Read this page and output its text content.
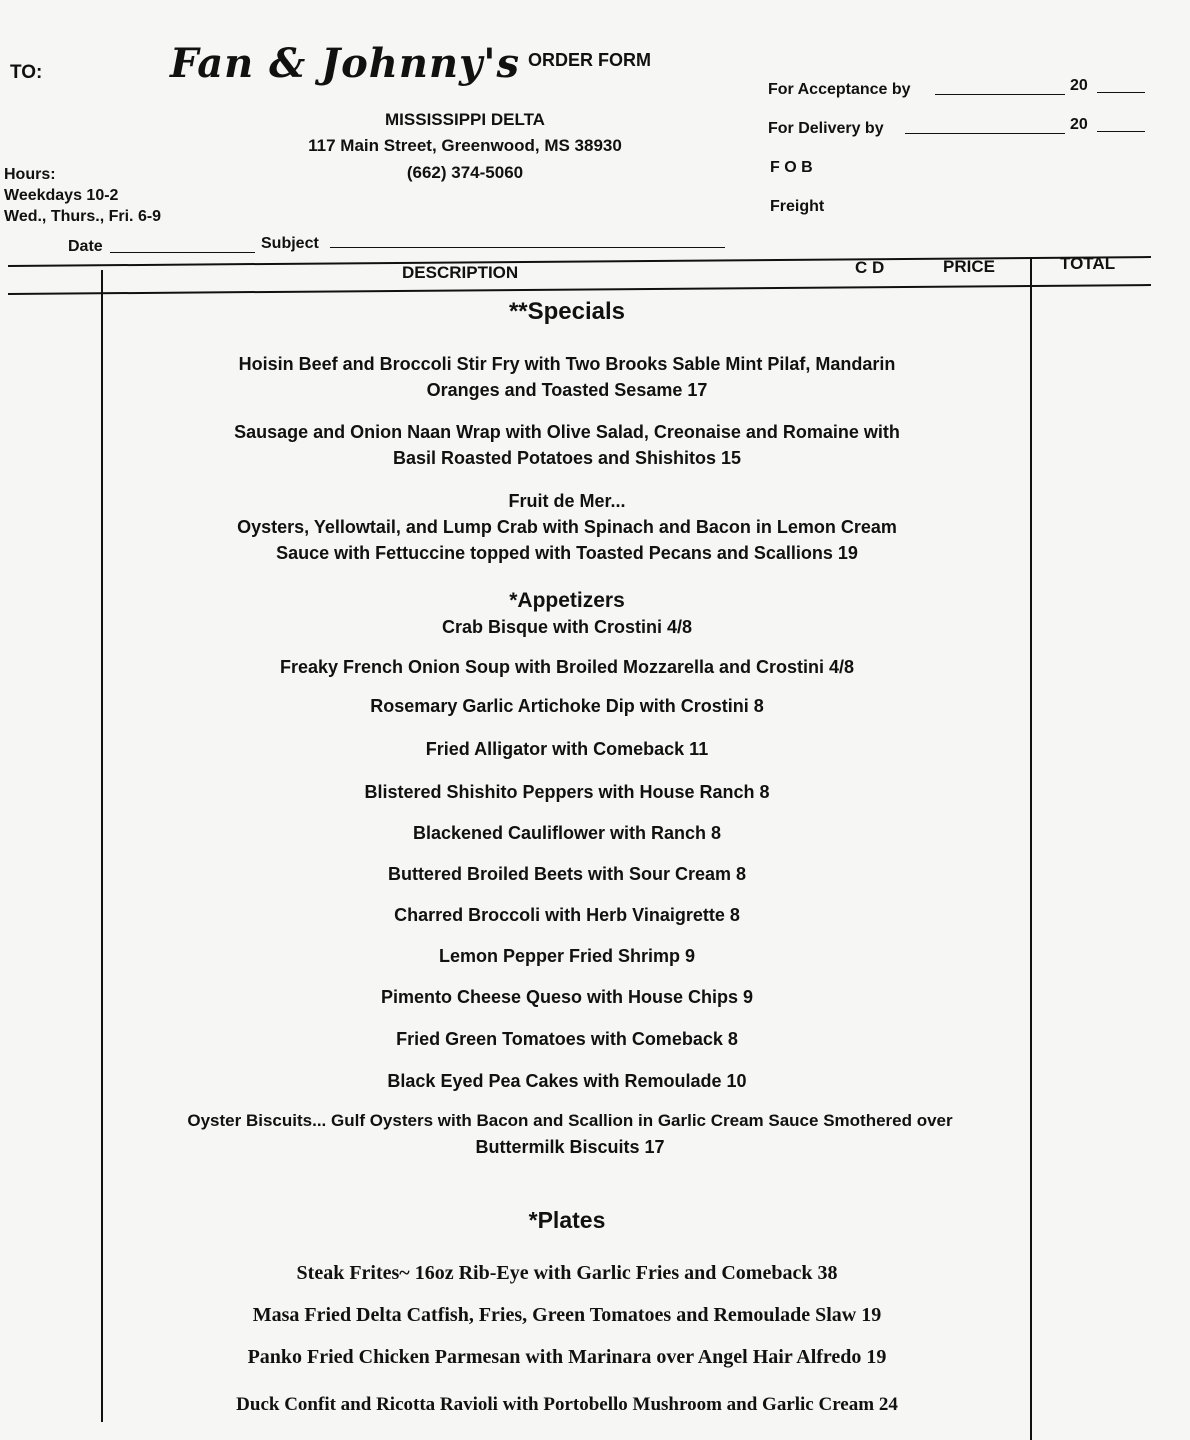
TO:	Fan & Johnny's ORDER FORM
MISSISSIPPI DELTA
117 Main Street, Greenwood, MS 38930
(662) 374-5060
Hours:
Weekdays 10-2
Wed., Thurs., Fri. 6-9
Date	Subject
For Acceptance by	20
For Delivery by	20
F O B
Freight
DESCRIPTION	C D	PRICE	TOTAL
**Specials
Hoisin Beef and Broccoli Stir Fry with Two Brooks Sable Mint Pilaf, Mandarin
Oranges and Toasted Sesame 17
Sausage and Onion Naan Wrap with Olive Salad, Creonaise and Romaine with
Basil Roasted Potatoes and Shishitos 15
Fruit de Mer...
Oysters, Yellowtail, and Lump Crab with Spinach and Bacon in Lemon Cream
Sauce with Fettuccine topped with Toasted Pecans and Scallions 19
*Appetizers
Crab Bisque with Crostini 4/8
Freaky French Onion Soup with Broiled Mozzarella and Crostini 4/8
Rosemary Garlic Artichoke Dip with Crostini 8
Fried Alligator with Comeback 11
Blistered Shishito Peppers with House Ranch 8
Blackened Cauliflower with Ranch 8
Buttered Broiled Beets with Sour Cream 8
Charred Broccoli with Herb Vinaigrette 8
Lemon Pepper Fried Shrimp 9
Pimento Cheese Queso with House Chips 9
Fried Green Tomatoes with Comeback 8
Black Eyed Pea Cakes with Remoulade 10
Oyster Biscuits... Gulf Oysters with Bacon and Scallion in Garlic Cream Sauce Smothered over
Buttermilk Biscuits 17
*Plates
Steak Frites~ 16oz Rib-Eye with Garlic Fries and Comeback 38
Masa Fried Delta Catfish, Fries, Green Tomatoes and Remoulade Slaw 19
Panko Fried Chicken Parmesan with Marinara over Angel Hair Alfredo 19
Duck Confit and Ricotta Ravioli with Portobello Mushroom and Garlic Cream 24
